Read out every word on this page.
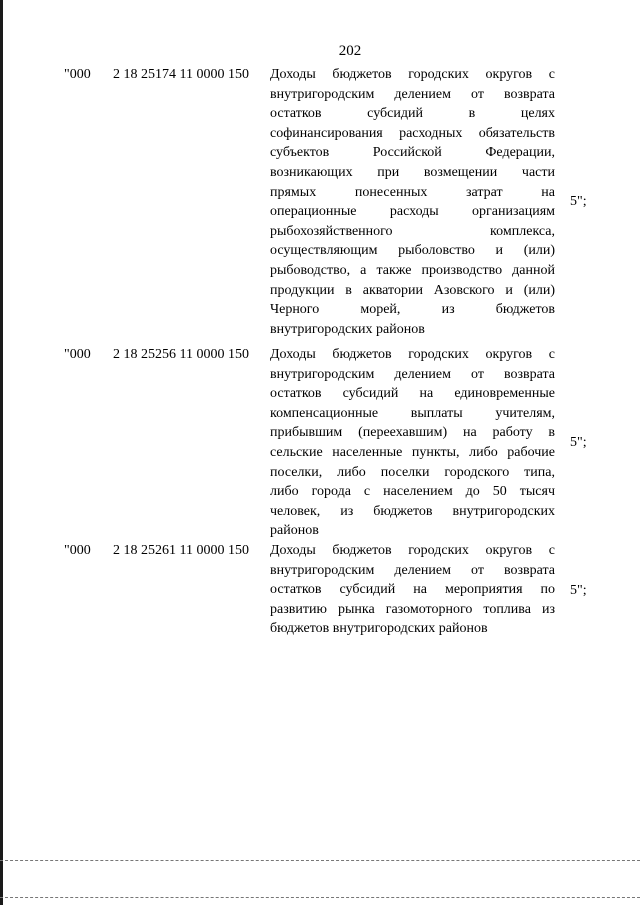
202
"000 2 18 25174 11 0000 150 Доходы бюджетов городских округов с
внутригородским делением от возврата
остатков субсидий в целях
софинансирования расходных обязательств
субъектов Российской Федерации,
возникающих при возмещении части
прямых понесенных затрат на
операционные расходы организациям
рыбохозяйственного комплекса,
осуществляющим рыболовство и (или)
рыбоводство, а также производство данной
продукции в акватории Азовского и (или)
Черного морей, из бюджетов
внутригородских районов
5";
"000 2 18 25256 11 0000 150 Доходы бюджетов городских округов с
внутригородским делением от возврата
остатков субсидий на единовременные
компенсационные выплаты учителям,
прибывшим (переехавшим) на работу в
сельские населенные пункты, либо рабочие
поселки, либо поселки городского типа,
либо города с населением до 50 тысяч
человек, из бюджетов внутригородских
районов
5";
"000 2 18 25261 11 0000 150 Доходы бюджетов городских округов с
внутригородским делением от возврата
остатков субсидий на мероприятия по
развитию рынка газомоторного топлива из
бюджетов внутригородских районов
5";
